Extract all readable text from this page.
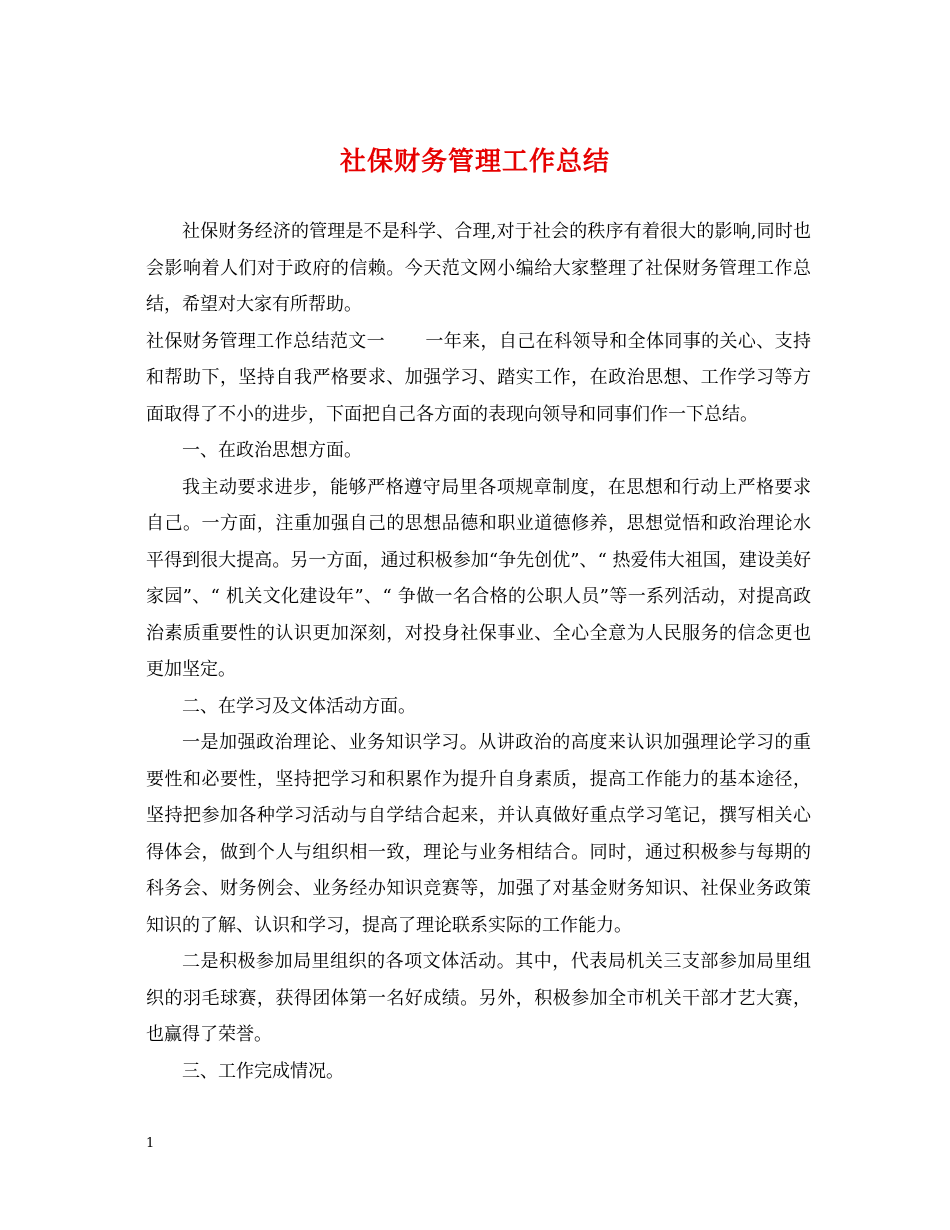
社保财务管理工作总结

社保财务经济的管理是不是科学、合理,对于社会的秩序有着很大的影响,同时也会影响着人们对于政府的信赖。今天范文网小编给大家整理了社保财务管理工作总结，希望对大家有所帮助。

社保财务管理工作总结范文一 一年来，自己在科领导和全体同事的关心、支持和帮助下，坚持自我严格要求、加强学习、踏实工作，在政治思想、工作学习等方面取得了不小的进步，下面把自己各方面的表现向领导和同事们作一下总结。

一、在政治思想方面。

我主动要求进步，能够严格遵守局里各项规章制度，在思想和行动上严格要求自己。一方面，注重加强自己的思想品德和职业道德修养，思想觉悟和政治理论水平得到很大提高。另一方面，通过积极参加“争先创优”、“ 热爱伟大祖国，建设美好家园”、“ 机关文化建设年”、“ 争做一名合格的公职人员”等一系列活动，对提高政治素质重要性的认识更加深刻，对投身社保事业、全心全意为人民服务的信念更也更加坚定。

二、在学习及文体活动方面。

一是加强政治理论、业务知识学习。从讲政治的高度来认识加强理论学习的重要性和必要性，坚持把学习和积累作为提升自身素质，提高工作能力的基本途径，坚持把参加各种学习活动与自学结合起来，并认真做好重点学习笔记，撰写相关心得体会，做到个人与组织相一致，理论与业务相结合。同时，通过积极参与每期的科务会、财务例会、业务经办知识竞赛等，加强了对基金财务知识、社保业务政策知识的了解、认识和学习，提高了理论联系实际的工作能力。

二是积极参加局里组织的各项文体活动。其中，代表局机关三支部参加局里组织的羽毛球赛，获得团体第一名好成绩。另外，积极参加全市机关干部才艺大赛，也赢得了荣誉。

三、工作完成情况。

1
